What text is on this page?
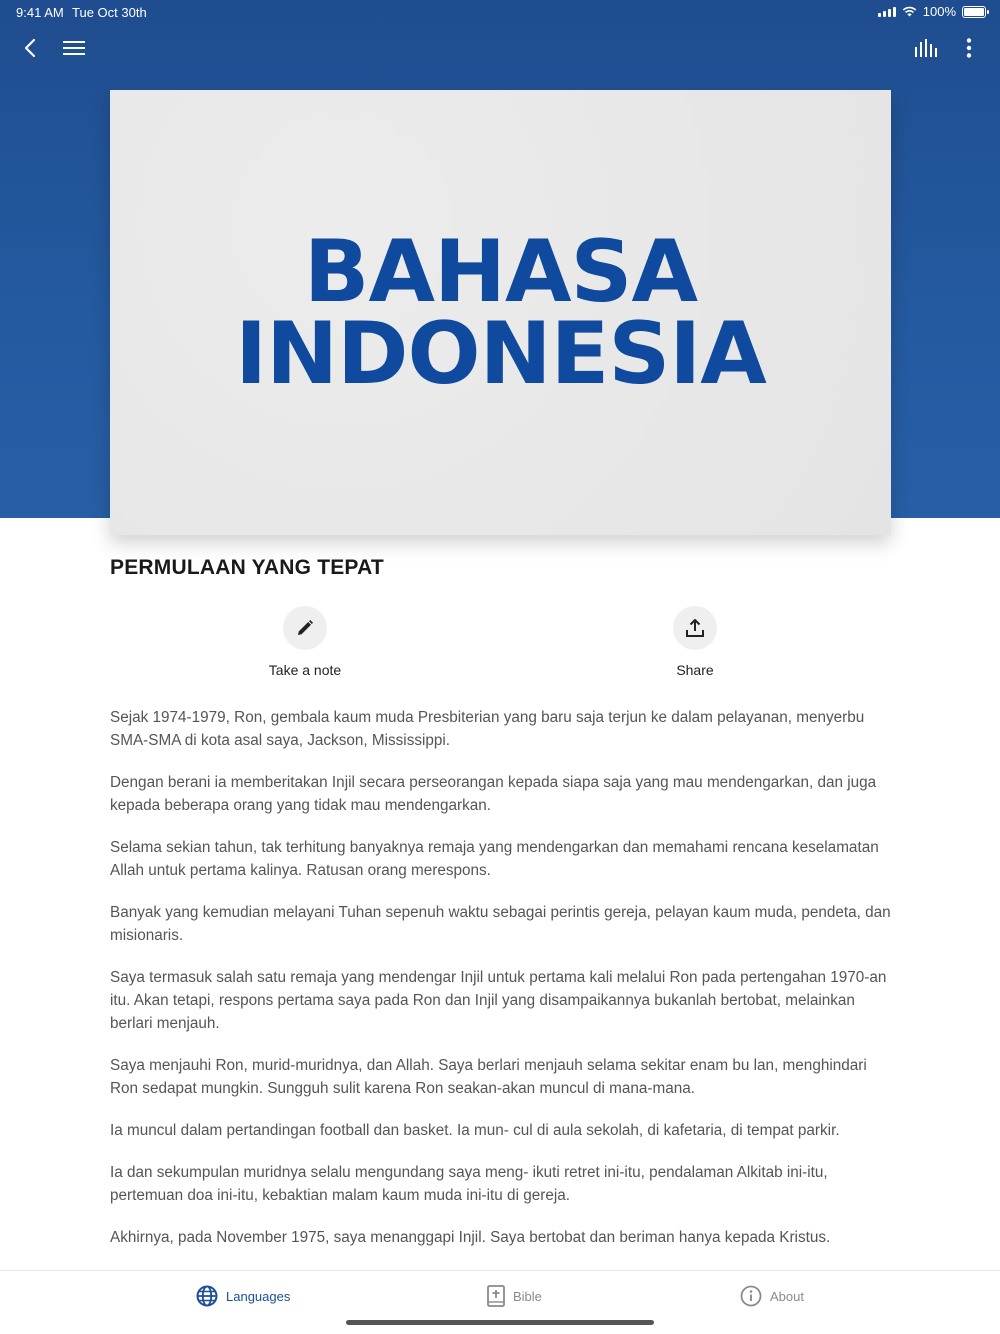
9:41 AM Tue Oct 30th	100%
BAHASA
INDONESIA
PERMULAAN YANG TEPAT
Take a note	Share

Sejak 1974-1979, Ron, gembala kaum muda Presbiterian yang baru saja terjun ke dalam pelayanan, menyerbu SMA-SMA di kota asal saya, Jackson, Mississippi.

Dengan berani ia memberitakan Injil secara perseorangan kepada siapa saja yang mau mendengarkan, dan juga kepada beberapa orang yang tidak mau mendengarkan.

Selama sekian tahun, tak terhitung banyaknya remaja yang mendengarkan dan memahami rencana keselamatan Allah untuk pertama kalinya. Ratusan orang merespons.

Banyak yang kemudian melayani Tuhan sepenuh waktu sebagai perintis gereja, pelayan kaum muda, pendeta, dan misionaris.

Saya termasuk salah satu remaja yang mendengar Injil untuk pertama kali melalui Ron pada pertengahan 1970-an itu. Akan tetapi, respons pertama saya pada Ron dan Injil yang disampaikannya bukanlah bertobat, melainkan berlari menjauh.

Saya menjauhi Ron, murid-muridnya, dan Allah. Saya berlari menjauh selama sekitar enam bu lan, menghindari Ron sedapat mungkin. Sungguh sulit karena Ron seakan-akan muncul di mana-mana.

Ia muncul dalam pertandingan football dan basket. Ia mun- cul di aula sekolah, di kafetaria, di tempat parkir.

Ia dan sekumpulan muridnya selalu mengundang saya meng- ikuti retret ini-itu, pendalaman Alkitab ini-itu, pertemuan doa ini-itu, kebaktian malam kaum muda ini-itu di gereja.

Akhirnya, pada November 1975, saya menanggapi Injil. Saya bertobat dan beriman hanya kepada Kristus.

Languages	Bible	About
